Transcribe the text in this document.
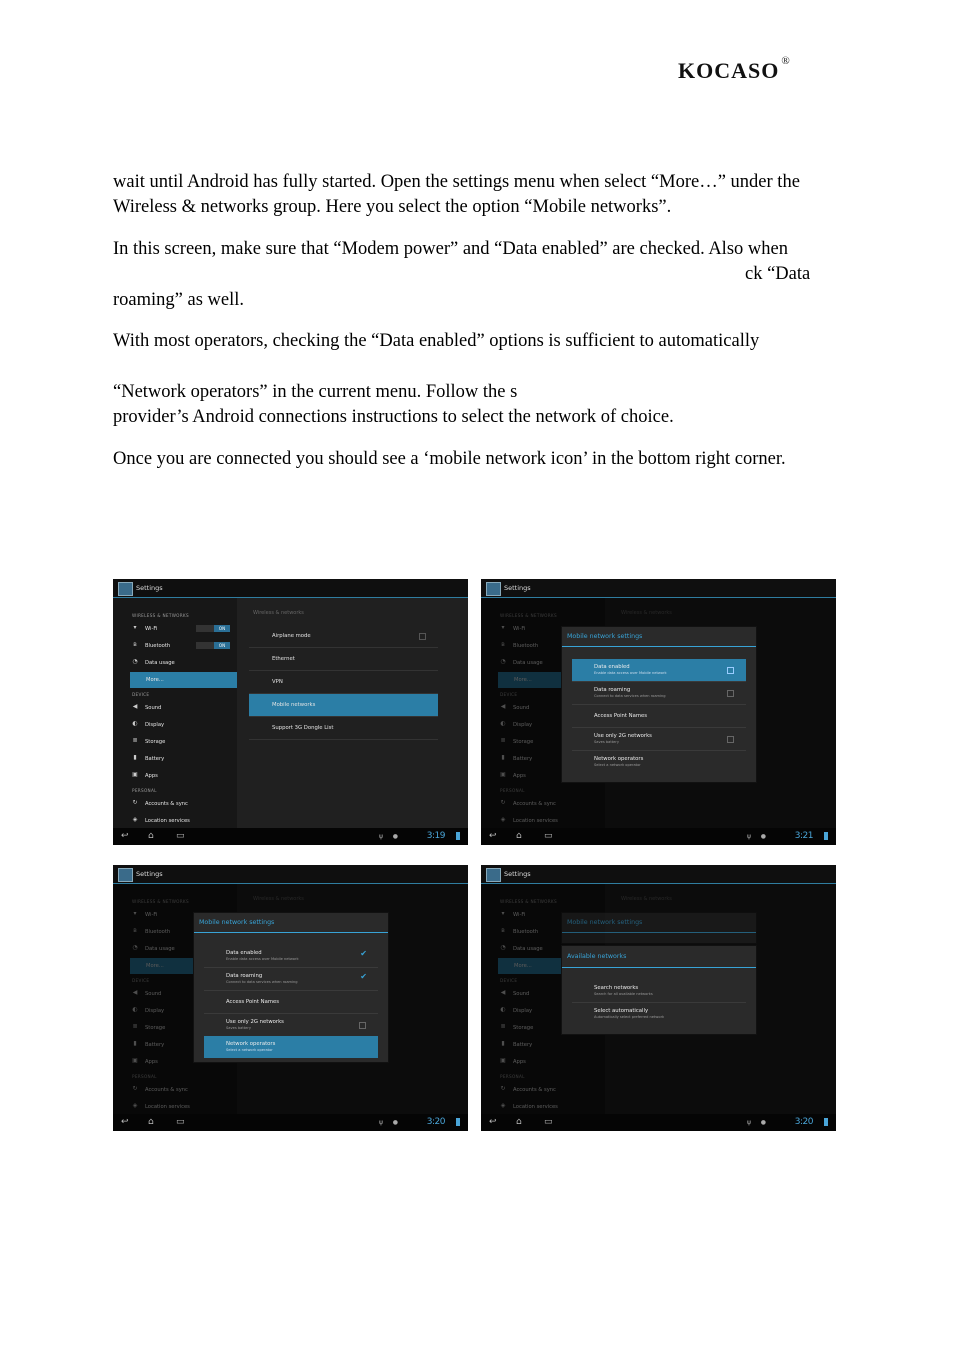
KOCASO ®
wait until Android has fully started. Open the settings menu when select “More…” under the
Wireless & networks group. Here you select the option “Mobile networks”.
In this screen, make sure that “Modem power” and “Data enabled” are checked. Also when
ck “Data
roaming” as well.
With most operators, checking the “Data enabled” options is sufficient to automatically
“Network operators” in the current menu. Follow the s
provider’s Android connections instructions to select the network of choice.
Once you are connected you should see a ‘mobile network icon’ in the bottom right corner.
Settings
WIRELESS & NETWORKS
▾ Wi-Fi	ON
ʙ Bluetooth	ON
◔ Data usage
More...
DEVICE
◀ Sound
◐ Display
≣ Storage
▮ Battery
▣ Apps
PERSONAL
↻ Accounts & sync
◈ Location services
Wireless & networks
Airplane mode
Ethernet
VPN
Mobile networks
Support 3G Dongle List
↩ ⌂ ▭	ψ ●	3:19
Settings
Mobile network settings
Data enabled
Enable data access over Mobile network
Data roaming
Connect to data services when roaming
Access Point Names
Use only 2G networks
Saves battery
Network operators
Select a network operator
↩ ⌂ ▭	ψ ●	3:21
Settings
Mobile network settings
Data enabled
Enable data access over Mobile network
✔
Data roaming
Connect to data services when roaming
✔
Access Point Names
Use only 2G networks
Saves battery
Network operators
Select a network operator
↩ ⌂ ▭	ψ ●	3:20
Settings
Mobile network settings
Available networks
Search networks
Search for all available networks
Select automatically
Automatically select preferred network
↩ ⌂ ▭	ψ ●	3:20
